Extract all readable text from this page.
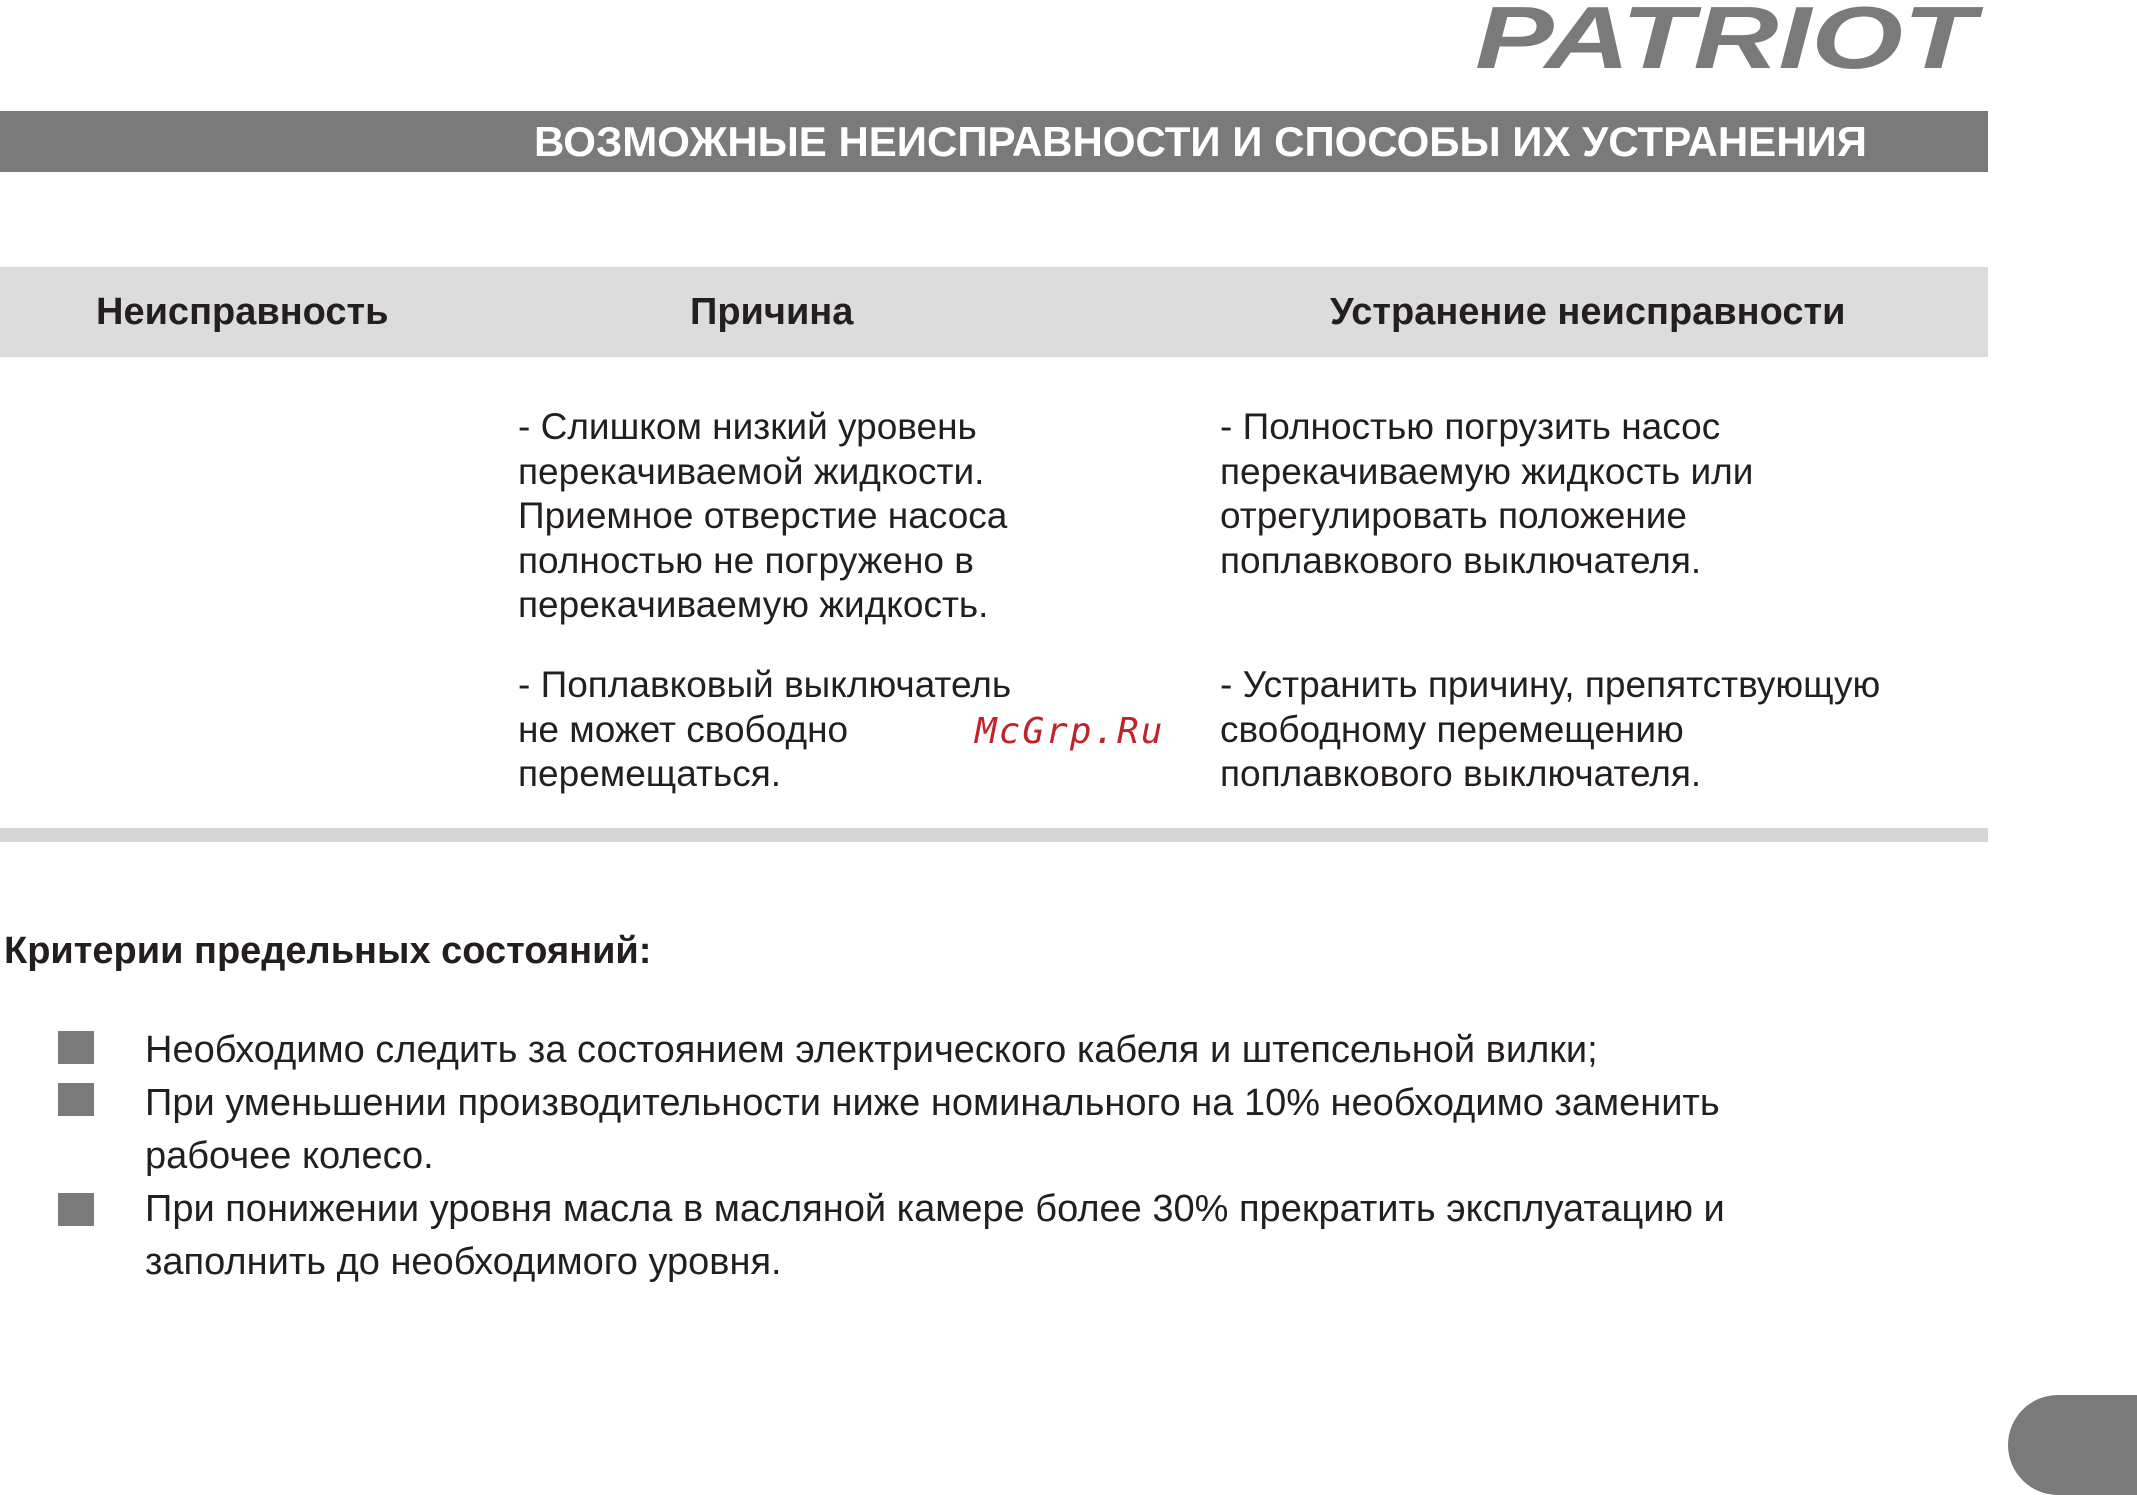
PATRIOT
ВОЗМОЖНЫЕ НЕИСПРАВНОСТИ И СПОСОБЫ ИХ УСТРАНЕНИЯ
Неисправность	Причина	Устранение неисправности
- Слишком низкий уровень
перекачиваемой жидкости.
Приемное отверстие насоса
полностью не погружено в
перекачиваемую жидкость.
- Полностью погрузить насос
перекачиваемую жидкость или
отрегулировать положение
поплавкового выключателя.
- Поплавковый выключатель
не может свободно
перемещаться.
- Устранить причину, препятствующую
свободному перемещению
поплавкового выключателя.
McGrp.Ru
Критерии предельных состояний:
Необходимо следить за состоянием электрического кабеля и штепсельной вилки;
При уменьшении производительности ниже номинального на 10% необходимо заменить
рабочее колесо.
При понижении уровня масла в масляной камере более 30% прекратить эксплуатацию и
заполнить до необходимого уровня.
